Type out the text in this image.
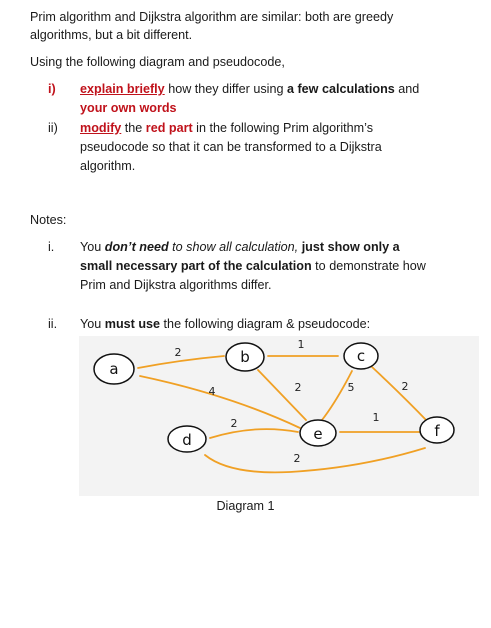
Prim algorithm and Dijkstra algorithm are similar: both are greedy
algorithms, but a bit different.
Using the following diagram and pseudocode,
i) explain briefly how they differ using a few calculations and
your own words
ii) modify the red part in the following Prim algorithm’s
pseudocode so that it can be transformed to a Dijkstra
algorithm.
Notes:
i. You don’t need to show all calculation, just show only a
small necessary part of the calculation to demonstrate how
Prim and Dijkstra algorithms differ.
ii. You must use the following diagram & pseudocode:
a
b	c
d	e	f
2
1
4
2
2	5	2
1
2
Diagram 1
